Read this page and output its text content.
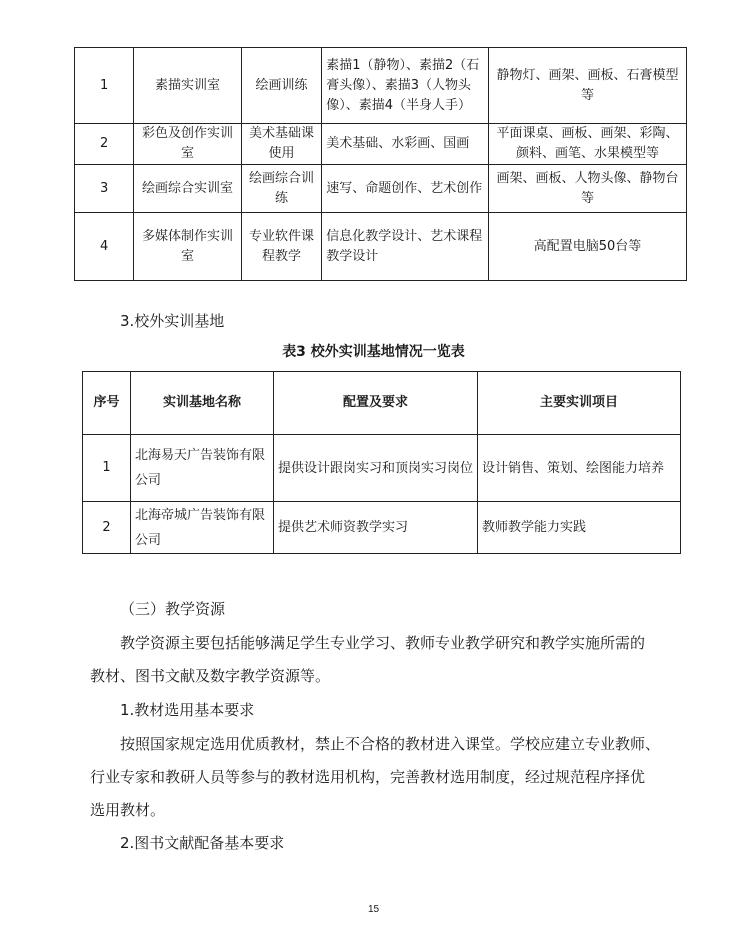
1	素描实训室	绘画训练	素描1（静物）、素描2（石膏头像）、素描3（人物头像）、素描4（半身人手）	静物灯、画架、画板、石膏模型等
2	彩色及创作实训室	美术基础课使用	美术基础、水彩画、国画	平面课桌、画板、画架、彩陶、颜料、画笔、水果模型等
3	绘画综合实训室	绘画综合训练	速写、命题创作、艺术创作	画架、画板、人物头像、静物台等
4	多媒体制作实训室	专业软件课程教学	信息化教学设计、艺术课程教学设计	高配置电脑50台等
3.校外实训基地
表3 校外实训基地情况一览表
序号	实训基地名称	配置及要求	主要实训项目
1	北海易天广告装饰有限公司	提供设计跟岗实习和顶岗实习岗位	设计销售、策划、绘图能力培养
2	北海帝城广告装饰有限公司	提供艺术师资教学实习	教师教学能力实践
（三）教学资源
教学资源主要包括能够满足学生专业学习、教师专业教学研究和教学实施所需的
教材、图书文献及数字教学资源等。
1.教材选用基本要求
按照国家规定选用优质教材，禁止不合格的教材进入课堂。学校应建立专业教师、
行业专家和教研人员等参与的教材选用机构，完善教材选用制度，经过规范程序择优
选用教材。
2.图书文献配备基本要求
15
